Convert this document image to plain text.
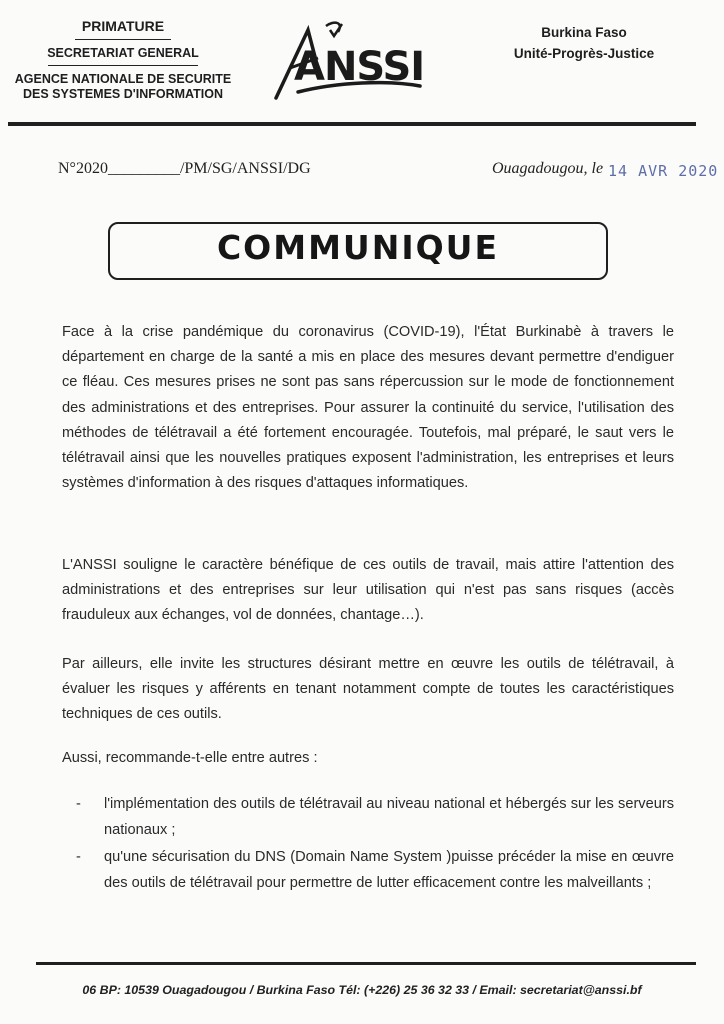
PRIMATURE
SECRETARIAT GENERAL
AGENCE NATIONALE DE SECURITE
DES SYSTEMES D'INFORMATION
ANSSI
Burkina Faso
Unité-Progrès-Justice
N°2020_________/PM/SG/ANSSI/DG	Ouagadougou, le 14 AVR 2020
COMMUNIQUE
Face à la crise pandémique du coronavirus (COVID-19), l'État Burkinabè à travers le département en charge de la santé a mis en place des mesures devant permettre d'endiguer ce fléau. Ces mesures prises ne sont pas sans répercussion sur le mode de fonctionnement des administrations et des entreprises. Pour assurer la continuité du service, l'utilisation des méthodes de télétravail a été fortement encouragée. Toutefois, mal préparé, le saut vers le télétravail ainsi que les nouvelles pratiques exposent l'administration, les entreprises et leurs systèmes d'information à des risques d'attaques informatiques.
L'ANSSI souligne le caractère bénéfique de ces outils de travail, mais attire l'attention des administrations et des entreprises sur leur utilisation qui n'est pas sans risques (accès frauduleux aux échanges, vol de données, chantage…).
Par ailleurs, elle invite les structures désirant mettre en œuvre les outils de télétravail, à évaluer les risques y afférents en tenant notamment compte de toutes les caractéristiques techniques de ces outils.
Aussi, recommande-t-elle entre autres :
- l'implémentation des outils de télétravail au niveau national et hébergés sur les serveurs nationaux ;
- qu'une sécurisation du DNS (Domain Name System )puisse précéder la mise en œuvre des outils de télétravail pour permettre de lutter efficacement contre les malveillants ;
06 BP: 10539 Ouagadougou / Burkina Faso Tél: (+226) 25 36 32 33 / Email: secretariat@anssi.bf
